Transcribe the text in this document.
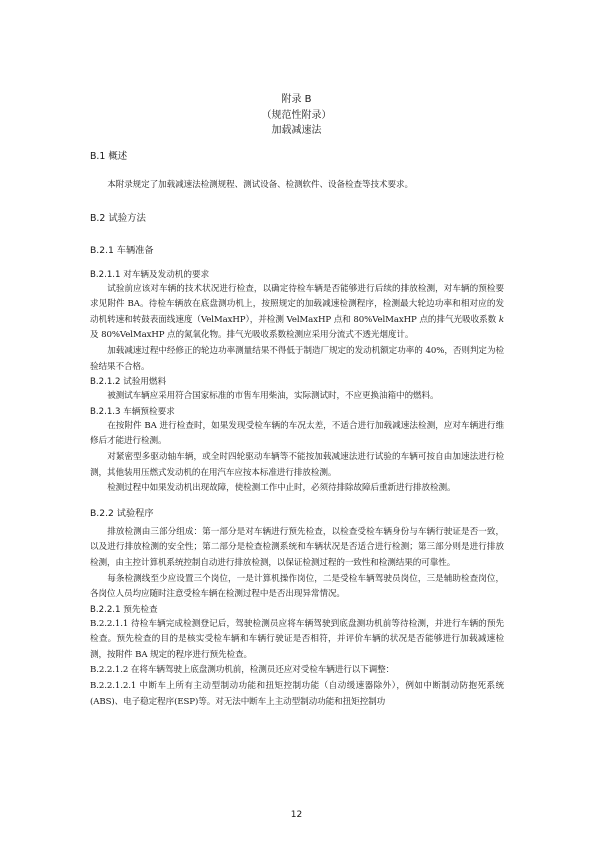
附录 B
（规范性附录）
加载减速法
B.1 概述

本附录规定了加载减速法检测规程、测试设备、检测软件、设备检查等技术要求。

B.2 试验方法
B.2.1 车辆准备
B.2.1.1 对车辆及发动机的要求

试验前应该对车辆的技术状况进行检查，以确定待检车辆是否能够进行后续的排放检测，对车辆的预检要求见附件 BA。待检车辆放在底盘测功机上，按照规定的加载减速检测程序，检测最大轮边功率和相对应的发动机转速和转鼓表面线速度（VelMaxHP），并检测 VelMaxHP 点和 80%VelMaxHP 点的排气光吸收系数 k 及 80%VelMaxHP 点的氮氧化物。排气光吸收系数检测应采用分流式不透光烟度计。

加载减速过程中经修正的轮边功率测量结果不得低于制造厂规定的发动机额定功率的 40%，否则判定为检验结果不合格。

B.2.1.2 试验用燃料

被测试车辆应采用符合国家标准的市售车用柴油，实际测试时，不应更换油箱中的燃料。

B.2.1.3 车辆预检要求

在按附件 BA 进行检查时，如果发现受检车辆的车况太差，不适合进行加载减速法检测，应对车辆进行维修后才能进行检测。

对紧密型多驱动轴车辆，或全时四轮驱动车辆等不能按加载减速法进行试验的车辆可按自由加速法进行检测，其他装用压燃式发动机的在用汽车应按本标准进行排放检测。

检测过程中如果发动机出现故障，使检测工作中止时，必须待排除故障后重新进行排放检测。

B.2.2 试验程序

排放检测由三部分组成：第一部分是对车辆进行预先检查，以检查受检车辆身份与车辆行驶证是否一致，以及进行排放检测的安全性；第二部分是检查检测系统和车辆状况是否适合进行检测；第三部分则是进行排放检测，由主控计算机系统控制自动进行排放检测，以保证检测过程的一致性和检测结果的可靠性。

每条检测线至少应设置三个岗位，一是计算机操作岗位，二是受检车辆驾驶员岗位，三是辅助检查岗位，各岗位人员均应随时注意受检车辆在检测过程中是否出现异常情况。

B.2.2.1 预先检查

B.2.2.1.1 待检车辆完成检测登记后，驾驶检测员应将车辆驾驶到底盘测功机前等待检测，并进行车辆的预先检查。预先检查的目的是核实受检车辆和车辆行驶证是否相符，并评价车辆的状况是否能够进行加载减速检测，按附件 BA 规定的程序进行预先检查。

B.2.2.1.2 在将车辆驾驶上底盘测功机前，检测员还应对受检车辆进行以下调整：

B.2.2.1.2.1 中断车上所有主动型制动功能和扭矩控制功能（自动缓速器除外），例如中断制动防抱死系统(ABS)、电子稳定程序(ESP)等。对无法中断车上主动型制动功能和扭矩控制功

12
